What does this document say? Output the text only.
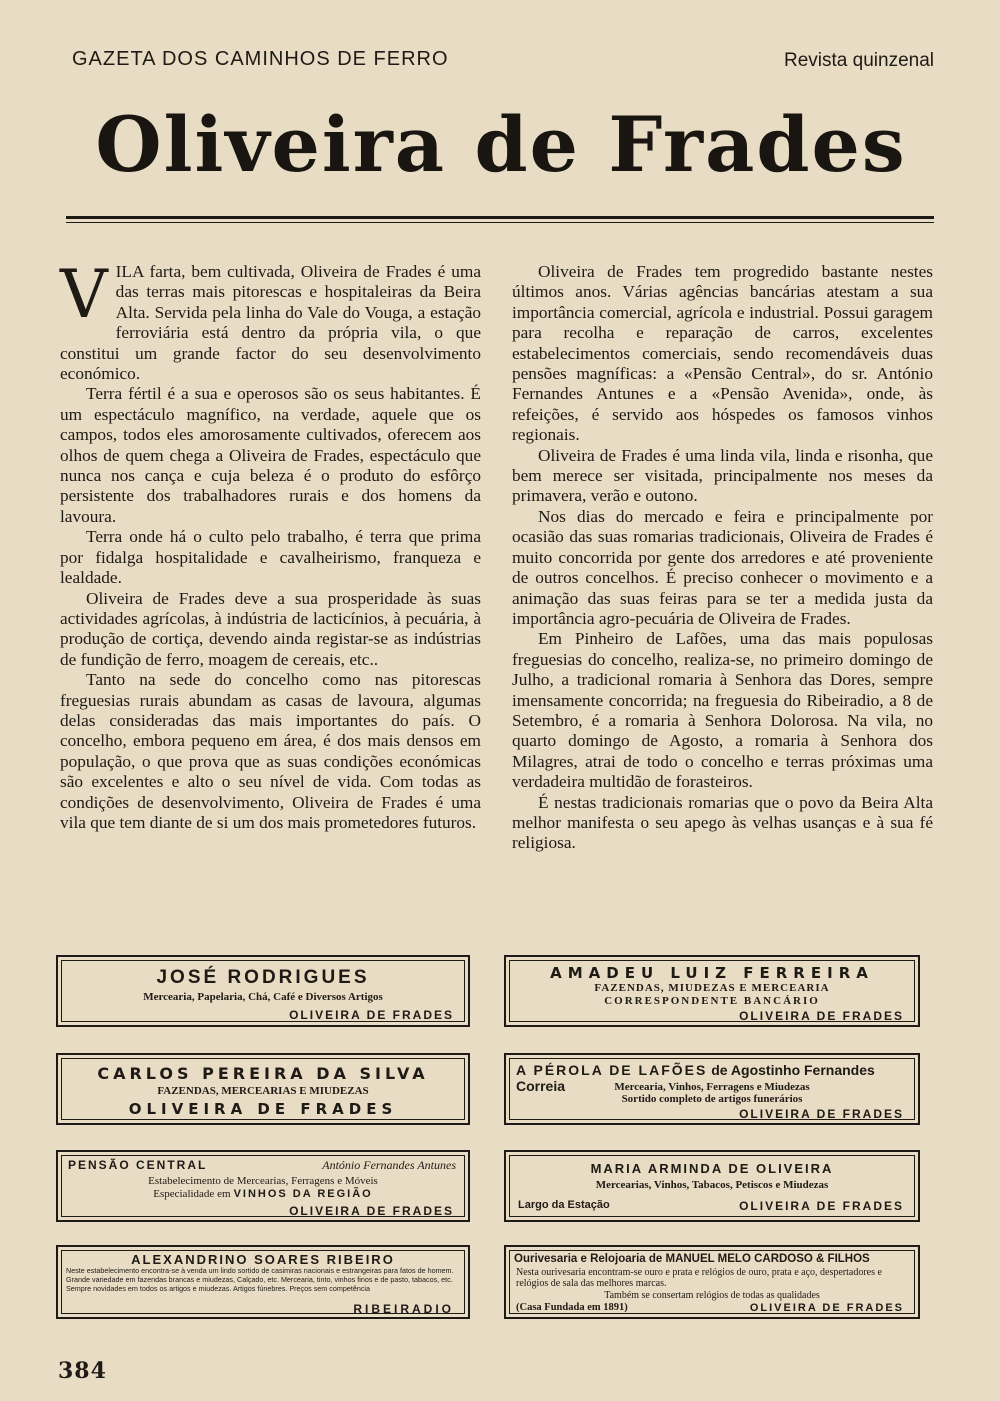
GAZETA DOS CAMINHOS DE FERRO	Revista quinzenal
Oliveira de Frades

VILA farta, bem cultivada, Oliveira de Frades é uma das terras mais pitorescas e hospitaleiras da Beira Alta. Servida pela linha do Vale do Vouga, a estação ferroviária está dentro da própria vila, o que constitui um grande factor do seu desenvolvimento económico.

Terra fértil é a sua e operosos são os seus habitantes. É um espectáculo magnífico, na verdade, aquele que os campos, todos eles amorosamente cultivados, oferecem aos olhos de quem chega a Oliveira de Frades, espectáculo que nunca nos cança e cuja beleza é o produto do esfôrço persistente dos trabalhadores rurais e dos homens da lavoura.

Terra onde há o culto pelo trabalho, é terra que prima por fidalga hospitalidade e cavalheirismo, franqueza e lealdade.

Oliveira de Frades deve a sua prosperidade às suas actividades agrícolas, à indústria de lacticínios, à pecuária, à produção de cortiça, devendo ainda registar-se as indústrias de fundição de ferro, moagem de cereais, etc..

Tanto na sede do concelho como nas pitorescas freguesias rurais abundam as casas de lavoura, algumas delas consideradas das mais importantes do país. O concelho, embora pequeno em área, é dos mais densos em população, o que prova que as suas condições económicas são excelentes e alto o seu nível de vida. Com todas as condições de desenvolvimento, Oliveira de Frades é uma vila que tem diante de si um dos mais prometedores futuros.

Oliveira de Frades tem progredido bastante nestes últimos anos. Várias agências bancárias atestam a sua importância comercial, agrícola e industrial. Possui garagem para recolha e reparação de carros, excelentes estabelecimentos comerciais, sendo recomendáveis duas pensões magníficas: a «Pensão Central», do sr. António Fernandes Antunes e a «Pensão Avenida», onde, às refeições, é servido aos hóspedes os famosos vinhos regionais.

Oliveira de Frades é uma linda vila, linda e risonha, que bem merece ser visitada, principalmente nos meses da primavera, verão e outono.

Nos dias do mercado e feira e principalmente por ocasião das suas romarias tradicionais, Oliveira de Frades é muito concorrida por gente dos arredores e até proveniente de outros concelhos. É preciso conhecer o movimento e a animação das suas feiras para se ter a medida justa da importância agro-pecuária de Oliveira de Frades.

Em Pinheiro de Lafões, uma das mais populosas freguesias do concelho, realiza-se, no primeiro domingo de Julho, a tradicional romaria à Senhora das Dores, sempre imensamente concorrida; na freguesia do Ribeiradio, a 8 de Setembro, é a romaria à Senhora Dolorosa. Na vila, no quarto domingo de Agosto, a romaria à Senhora dos Milagres, atrai de todo o concelho e terras próximas uma verdadeira multidão de forasteiros.

É nestas tradicionais romarias que o povo da Beira Alta melhor manifesta o seu apego às velhas usanças e à sua fé religiosa.

JOSÉ RODRIGUES
Mercearia, Papelaria, Chá, Café e Diversos Artigos
OLIVEIRA DE FRADES
AMADEU LUIZ FERREIRA
FAZENDAS, MIUDEZAS E MERCEARIA
CORRESPONDENTE BANCÁRIO
OLIVEIRA DE FRADES
CARLOS PEREIRA DA SILVA
FAZENDAS, MERCEARIAS E MIUDEZAS
OLIVEIRA DE FRADES
A PÉROLA DE LAFÕES de Agostinho Fernandes Correia	Mercearia, Vinhos, Ferragens e Miudezas
Sortido completo de artigos funerários
OLIVEIRA DE FRADES
PENSÃO CENTRAL	António Fernandes Antunes
Estabelecimento de Mercearias, Ferragens e Móveis
Especialidade em VINHOS DA REGIÃO
OLIVEIRA DE FRADES
MARIA ARMINDA DE OLIVEIRA
Mercearias, Vinhos, Tabacos, Petiscos e Miudezas
Largo da Estação	OLIVEIRA DE FRADES
ALEXANDRINO SOARES RIBEIRO
Neste estabelecimento encontra-se à venda um lindo sortido de casimiras nacionais e estrangeiras para fatos de homem. Grande variedade em fazendas brancas e miudezas, Calçado, etc. Mercearia, tinto, vinhos finos e de pasto, tabacos, etc. Sempre novidades em todos os artigos e miudezas. Artigos fúnebres. Preços sem competência
RIBEIRADIO
Ourivesaria e Relojoaria de MANUEL MELO CARDOSO & FILHOS
Nesta ourivesaria encontram-se ouro e prata e relógios de ouro, prata e aço, despertadores e relógios de sala das melhores marcas.
Também se consertam relógios de todas as qualidades
(Casa Fundada em 1891)	OLIVEIRA DE FRADES
384
